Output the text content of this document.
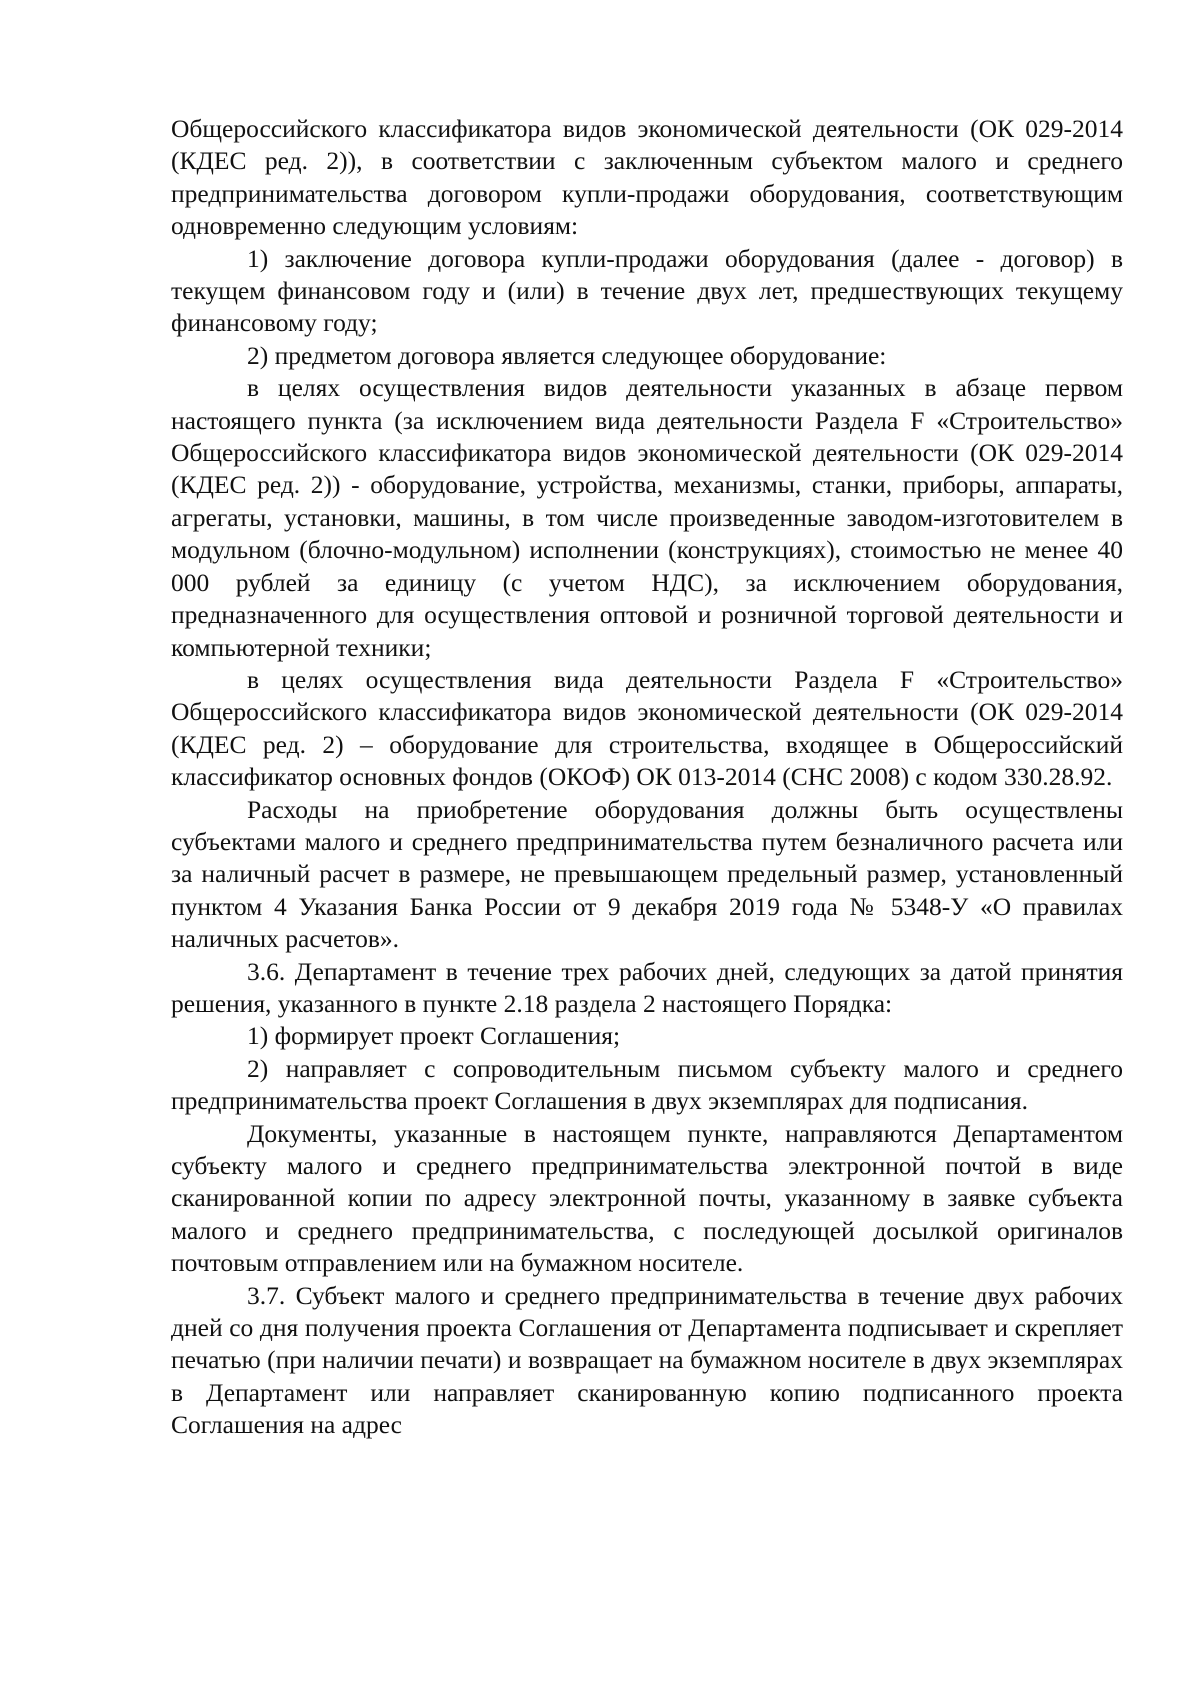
Общероссийского классификатора видов экономической деятельности (ОК 029-2014 (КДЕС ред. 2)), в соответствии с заключенным субъектом малого и среднего предпринимательства договором купли-продажи оборудования, соответствующим одновременно следующим условиям:

1) заключение договора купли-продажи оборудования (далее - договор) в текущем финансовом году и (или) в течение двух лет, предшествующих текущему финансовому году;

2) предметом договора является следующее оборудование:

в целях осуществления видов деятельности указанных в абзаце первом настоящего пункта (за исключением вида деятельности Раздела F «Строительство» Общероссийского классификатора видов экономической деятельности (ОК 029-2014 (КДЕС ред. 2)) - оборудование, устройства, механизмы, станки, приборы, аппараты, агрегаты, установки, машины, в том числе произведенные заводом-изготовителем в модульном (блочно-модульном) исполнении (конструкциях), стоимостью не менее 40 000 рублей за единицу (с учетом НДС), за исключением оборудования, предназначенного для осуществления оптовой и розничной торговой деятельности и компьютерной техники;

в целях осуществления вида деятельности Раздела F «Строительство» Общероссийского классификатора видов экономической деятельности (ОК 029-2014 (КДЕС ред. 2) – оборудование для строительства, входящее в Общероссийский классификатор основных фондов (ОКОФ) ОК 013-2014 (СНС 2008) с кодом 330.28.92.

Расходы на приобретение оборудования должны быть осуществлены субъектами малого и среднего предпринимательства путем безналичного расчета или за наличный расчет в размере, не превышающем предельный размер, установленный пунктом 4 Указания Банка России от 9 декабря 2019 года № 5348-У «О правилах наличных расчетов».

3.6. Департамент в течение трех рабочих дней, следующих за датой принятия решения, указанного в пункте 2.18 раздела 2 настоящего Порядка:

1) формирует проект Соглашения;

2) направляет с сопроводительным письмом субъекту малого и среднего предпринимательства проект Соглашения в двух экземплярах для подписания.

Документы, указанные в настоящем пункте, направляются Департаментом субъекту малого и среднего предпринимательства электронной почтой в виде сканированной копии по адресу электронной почты, указанному в заявке субъекта малого и среднего предпринимательства, с последующей досылкой оригиналов почтовым отправлением или на бумажном носителе.

3.7. Субъект малого и среднего предпринимательства в течение двух рабочих дней со дня получения проекта Соглашения от Департамента подписывает и скрепляет печатью (при наличии печати) и возвращает на бумажном носителе в двух экземплярах в Департамент или направляет сканированную копию подписанного проекта Соглашения на адрес
